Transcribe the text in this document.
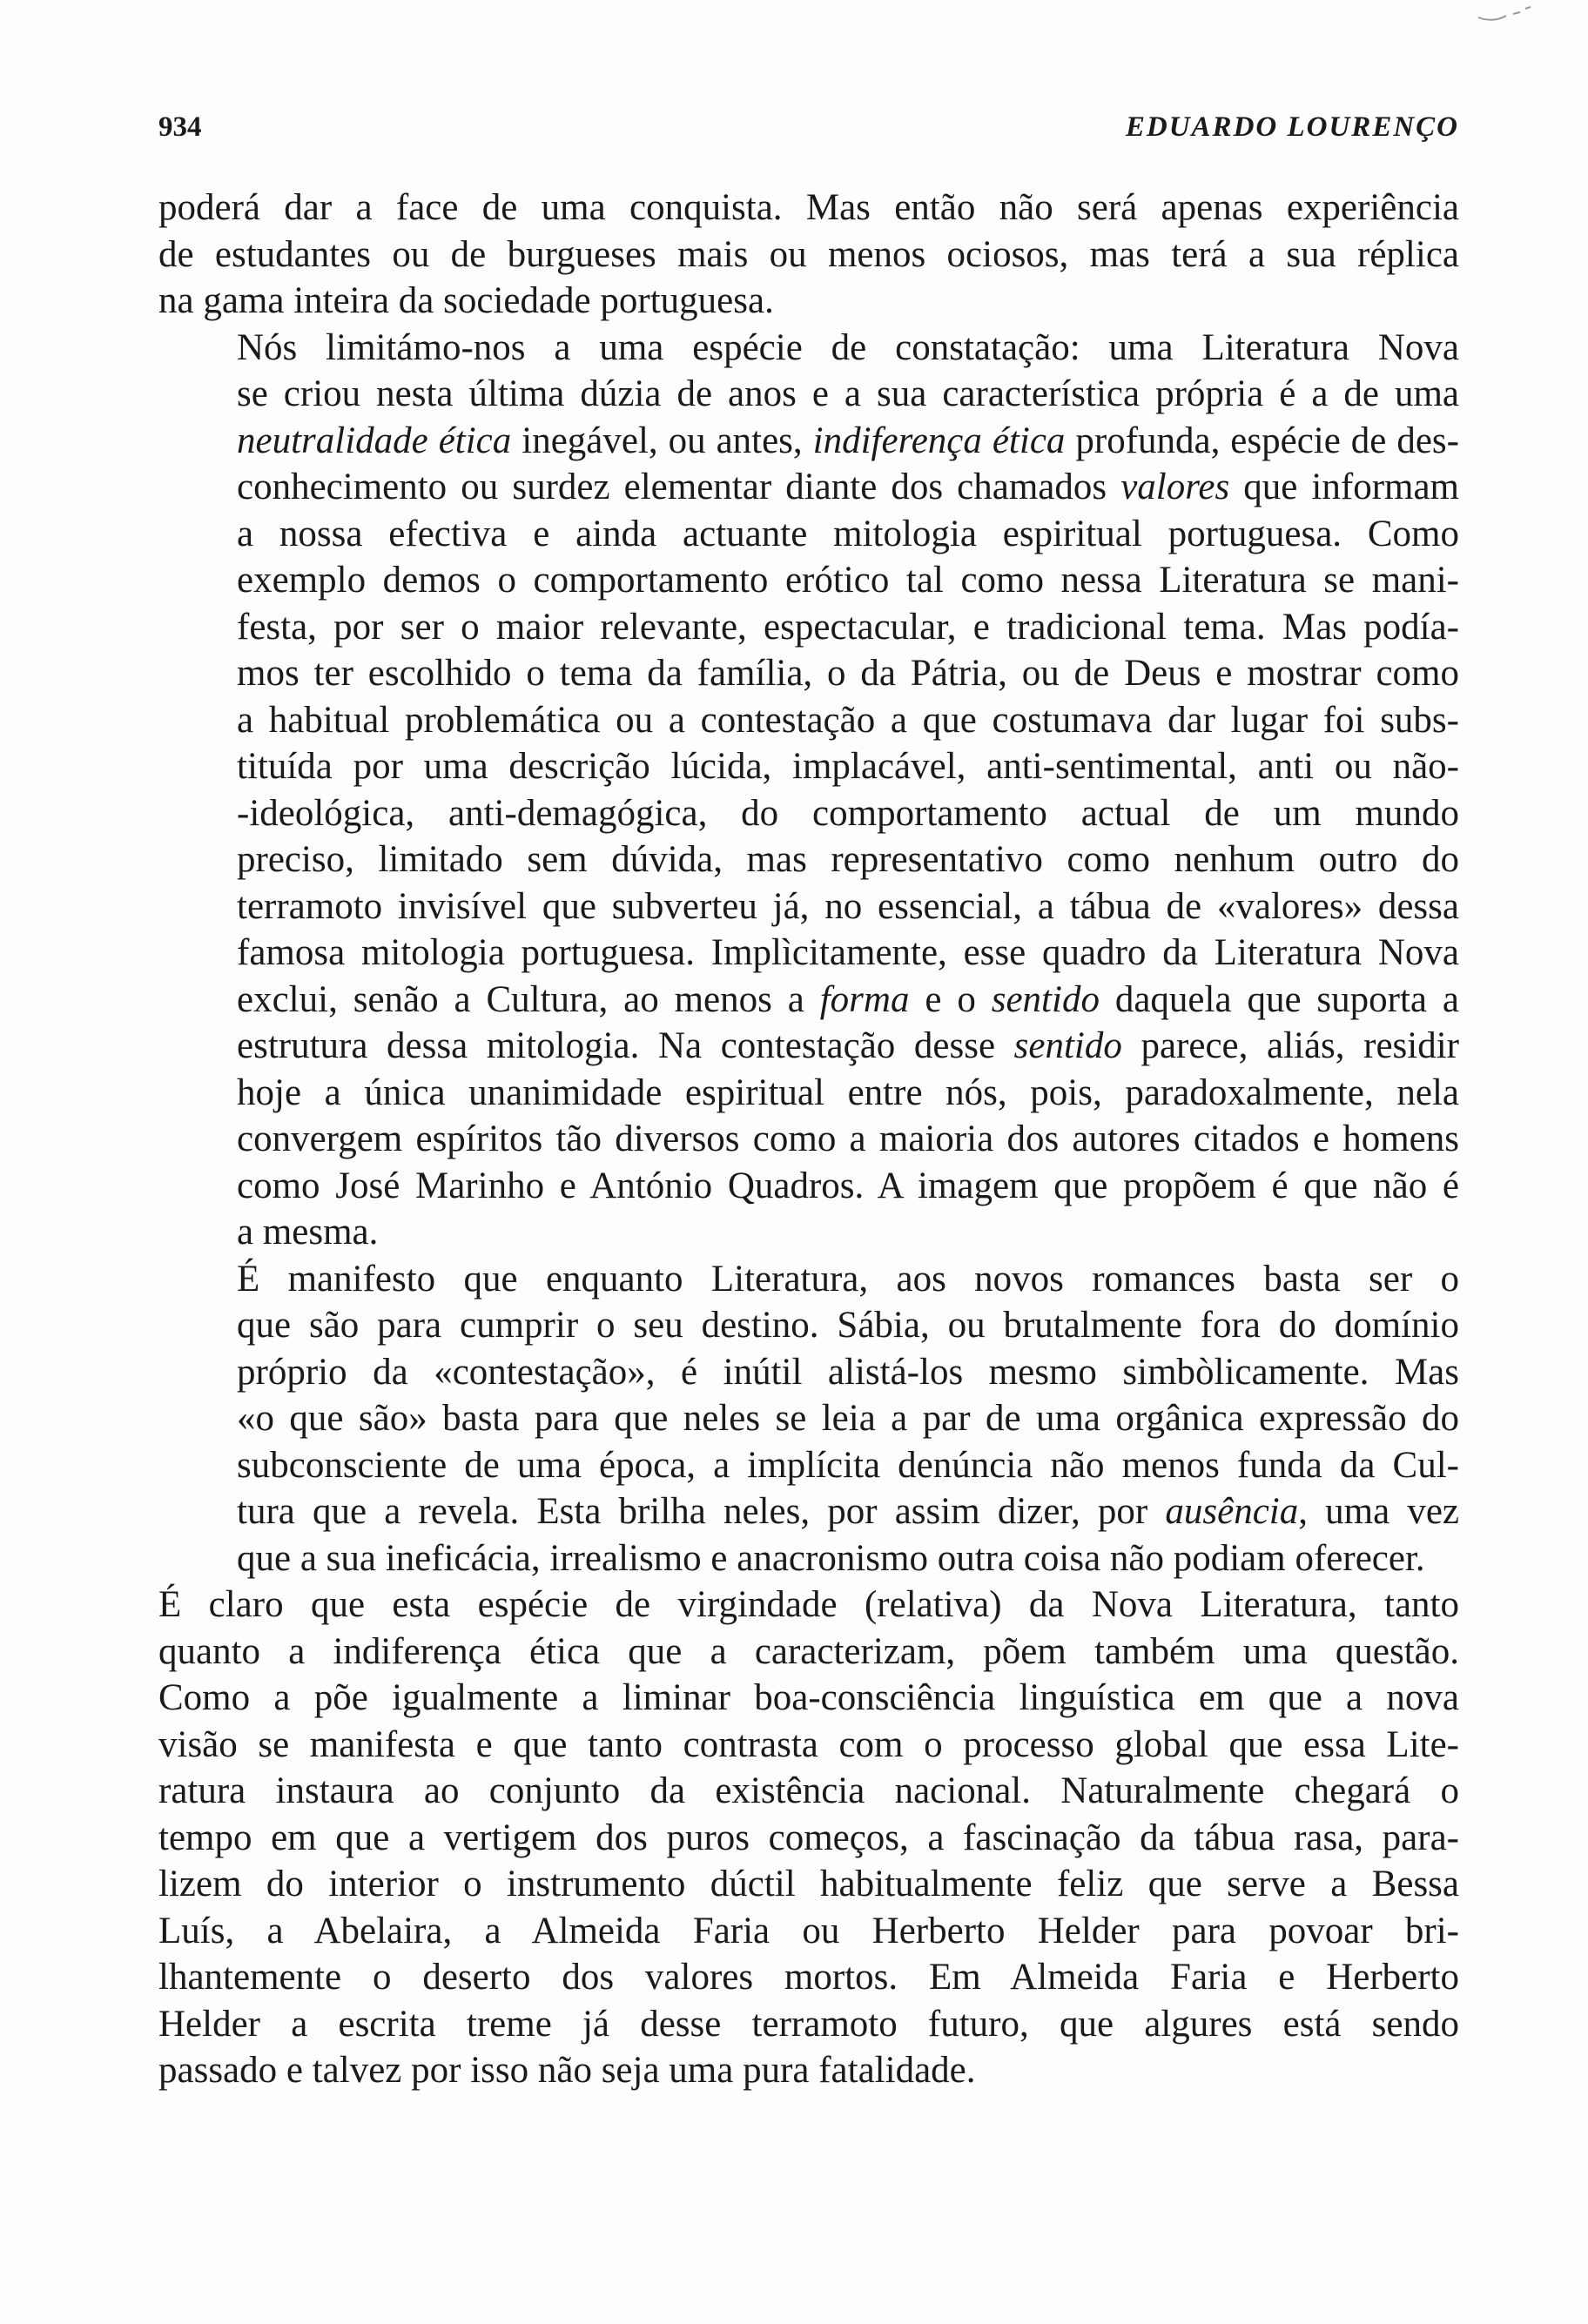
934	EDUARDO LOURENÇO

poderá dar a face de uma conquista. Mas então não será apenas experiência
de estudantes ou de burgueses mais ou menos ociosos, mas terá a sua réplica
na gama inteira da sociedade portuguesa.

Nós limitámo-nos a uma espécie de constatação: uma Literatura Nova
se criou nesta última dúzia de anos e a sua característica própria é a de uma
neutralidade ética inegável, ou antes, indiferença ética profunda, espécie de des-
conhecimento ou surdez elementar diante dos chamados valores que informam
a nossa efectiva e ainda actuante mitologia espiritual portuguesa. Como
exemplo demos o comportamento erótico tal como nessa Literatura se mani-
festa, por ser o maior relevante, espectacular, e tradicional tema. Mas podía-
mos ter escolhido o tema da família, o da Pátria, ou de Deus e mostrar como
a habitual problemática ou a contestação a que costumava dar lugar foi subs-
tituída por uma descrição lúcida, implacável, anti-sentimental, anti ou não-
-ideológica, anti-demagógica, do comportamento actual de um mundo
preciso, limitado sem dúvida, mas representativo como nenhum outro do
terramoto invisível que subverteu já, no essencial, a tábua de «valores» dessa
famosa mitologia portuguesa. Implìcitamente, esse quadro da Literatura Nova
exclui, senão a Cultura, ao menos a forma e o sentido daquela que suporta a
estrutura dessa mitologia. Na contestação desse sentido parece, aliás, residir
hoje a única unanimidade espiritual entre nós, pois, paradoxalmente, nela
convergem espíritos tão diversos como a maioria dos autores citados e homens
como José Marinho e António Quadros. A imagem que propõem é que não é
a mesma.

É manifesto que enquanto Literatura, aos novos romances basta ser o
que são para cumprir o seu destino. Sábia, ou brutalmente fora do domínio
próprio da «contestação», é inútil alistá-los mesmo simbòlicamente. Mas
«o que são» basta para que neles se leia a par de uma orgânica expressão do
subconsciente de uma época, a implícita denúncia não menos funda da Cul-
tura que a revela. Esta brilha neles, por assim dizer, por ausência, uma vez
que a sua ineficácia, irrealismo e anacronismo outra coisa não podiam oferecer.

É claro que esta espécie de virgindade (relativa) da Nova Literatura, tanto
quanto a indiferença ética que a caracterizam, põem também uma questão.
Como a põe igualmente a liminar boa-consciência linguística em que a nova
visão se manifesta e que tanto contrasta com o processo global que essa Lite-
ratura instaura ao conjunto da existência nacional. Naturalmente chegará o
tempo em que a vertigem dos puros começos, a fascinação da tábua rasa, para-
lizem do interior o instrumento dúctil habitualmente feliz que serve a Bessa
Luís, a Abelaira, a Almeida Faria ou Herberto Helder para povoar bri-
lhantemente o deserto dos valores mortos. Em Almeida Faria e Herberto
Helder a escrita treme já desse terramoto futuro, que algures está sendo
passado e talvez por isso não seja uma pura fatalidade.
